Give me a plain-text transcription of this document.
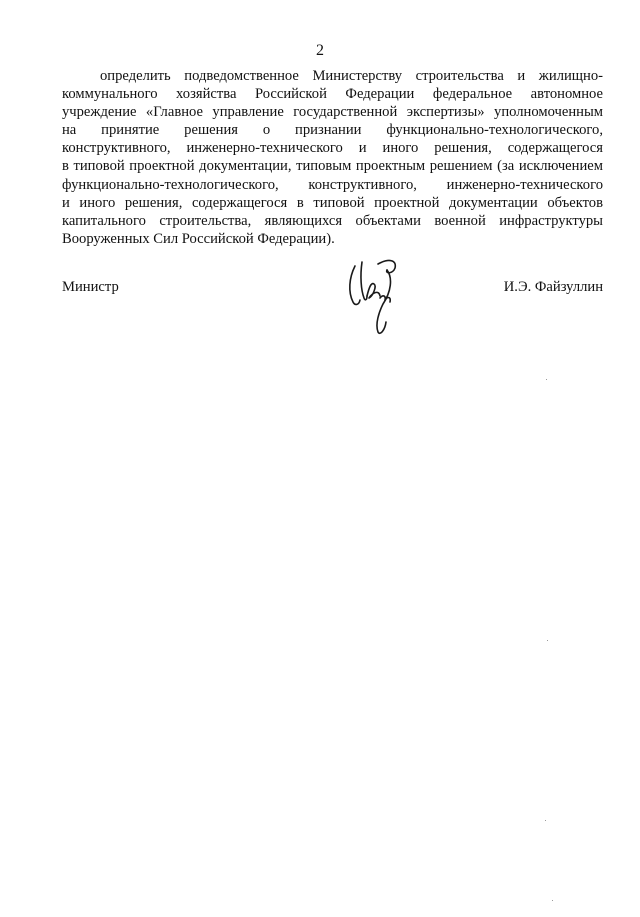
2
определить подведомственное Министерству строительства и жилищно-
коммунального хозяйства Российской Федерации федеральное автономное
учреждение «Главное управление государственной экспертизы» уполномоченным
на принятие решения о признании функционально-технологического,
конструктивного, инженерно-технического и иного решения, содержащегося
в типовой проектной документации, типовым проектным решением (за исключением
функционально-технологического, конструктивного, инженерно-технического
и иного решения, содержащегося в типовой проектной документации объектов
капитального строительства, являющихся объектами военной инфраструктуры
Вооруженных Сил Российской Федерации).
Министр	И.Э. Файзуллин
